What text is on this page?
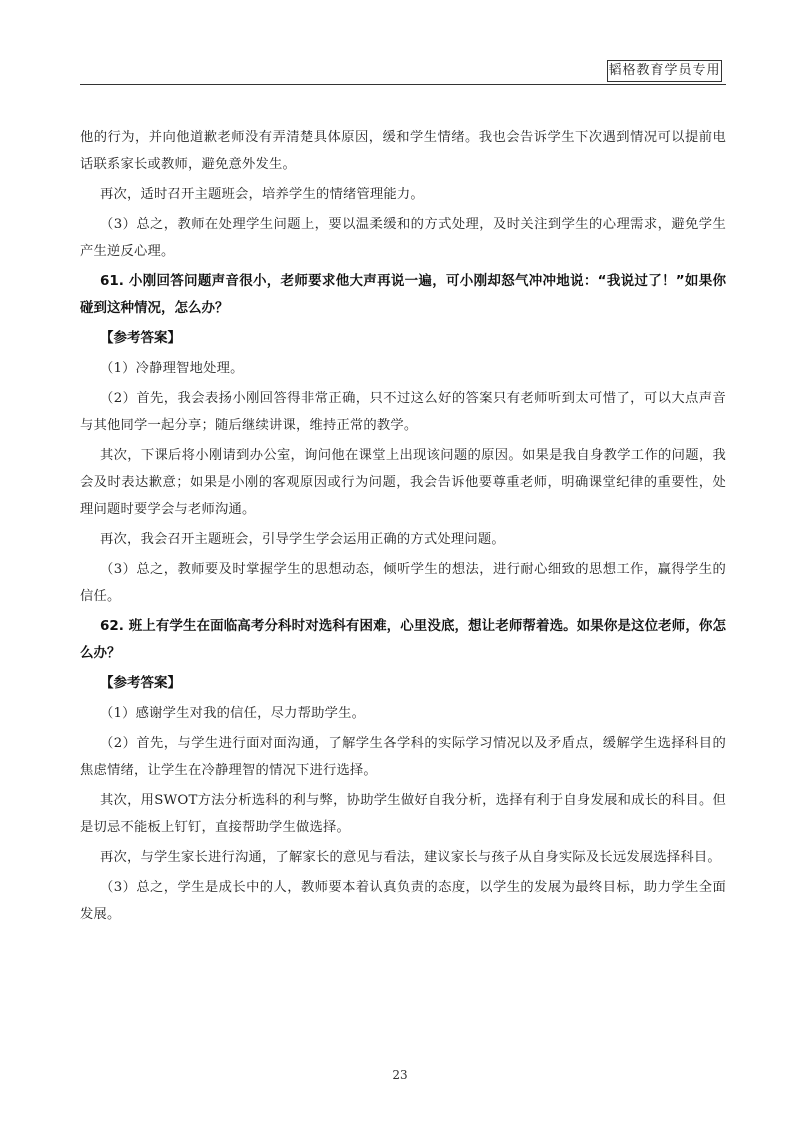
韬格教育学员专用

他的行为，并向他道歉老师没有弄清楚具体原因，缓和学生情绪。我也会告诉学生下次遇到情况可以提前电话联系家长或教师，避免意外发生。

再次，适时召开主题班会，培养学生的情绪管理能力。

（3）总之，教师在处理学生问题上，要以温柔缓和的方式处理，及时关注到学生的心理需求，避免学生产生逆反心理。

61. 小刚回答问题声音很小，老师要求他大声再说一遍，可小刚却怒气冲冲地说：“我说过了！”如果你碰到这种情况，怎么办？

【参考答案】

（1）冷静理智地处理。

（2）首先，我会表扬小刚回答得非常正确，只不过这么好的答案只有老师听到太可惜了，可以大点声音与其他同学一起分享；随后继续讲课，维持正常的教学。

其次，下课后将小刚请到办公室，询问他在课堂上出现该问题的原因。如果是我自身教学工作的问题，我会及时表达歉意；如果是小刚的客观原因或行为问题，我会告诉他要尊重老师，明确课堂纪律的重要性，处理问题时要学会与老师沟通。

再次，我会召开主题班会，引导学生学会运用正确的方式处理问题。

（3）总之，教师要及时掌握学生的思想动态，倾听学生的想法，进行耐心细致的思想工作，赢得学生的信任。

62. 班上有学生在面临高考分科时对选科有困难，心里没底，想让老师帮着选。如果你是这位老师，你怎么办？

【参考答案】

（1）感谢学生对我的信任，尽力帮助学生。

（2）首先，与学生进行面对面沟通，了解学生各学科的实际学习情况以及矛盾点，缓解学生选择科目的焦虑情绪，让学生在冷静理智的情况下进行选择。

其次，用SWOT方法分析选科的利与弊，协助学生做好自我分析，选择有利于自身发展和成长的科目。但是切忌不能板上钉钉，直接帮助学生做选择。

再次，与学生家长进行沟通，了解家长的意见与看法，建议家长与孩子从自身实际及长远发展选择科目。

（3）总之，学生是成长中的人，教师要本着认真负责的态度，以学生的发展为最终目标，助力学生全面发展。

23
